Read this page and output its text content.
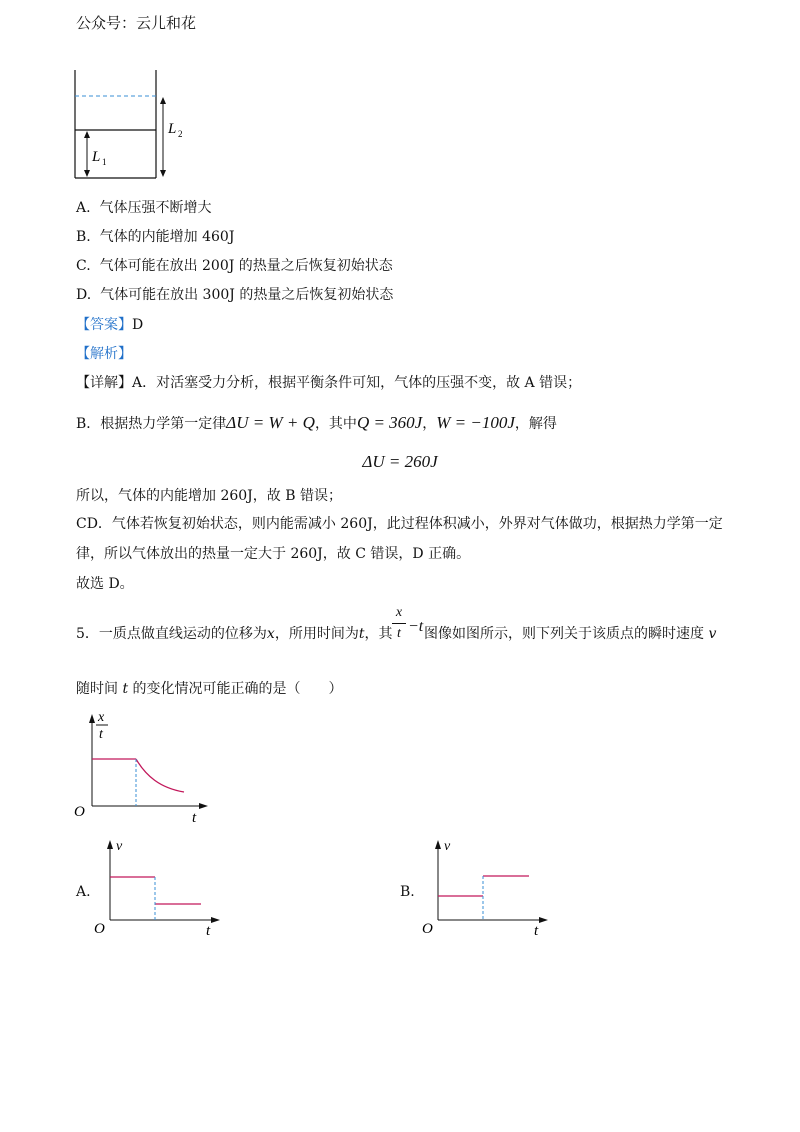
公众号：云儿和花
L 1
L 2
A. 气体压强不断增大
B. 气体的内能增加 460J
C. 气体可能在放出 200J 的热量之后恢复初始状态
D. 气体可能在放出 300J 的热量之后恢复初始状态
【答案】D
【解析】
【详解】A．对活塞受力分析，根据平衡条件可知，气体的压强不变，故 A 错误；
B．根据热力学第一定律ΔU = W + Q，其中Q = 360J，W = −100J，解得
ΔU = 260J
所以，气体的内能增加 260J，故 B 错误；
CD．气体若恢复初始状态，则内能需减小 260J，此过程体积减小，外界对气体做功，根据热力学第一定
律，所以气体放出的热量一定大于 260J，故 C 错误，D 正确。
故选 D。
5．一质点做直线运动的位移为x，所用时间为t，其
x
t −t 图像如图所示，则下列关于该质点的瞬时速度 v
随时间 t 的变化情况可能正确的是（　　）
x
t
O	t
A.
v
O	t
B.
v
O	t
